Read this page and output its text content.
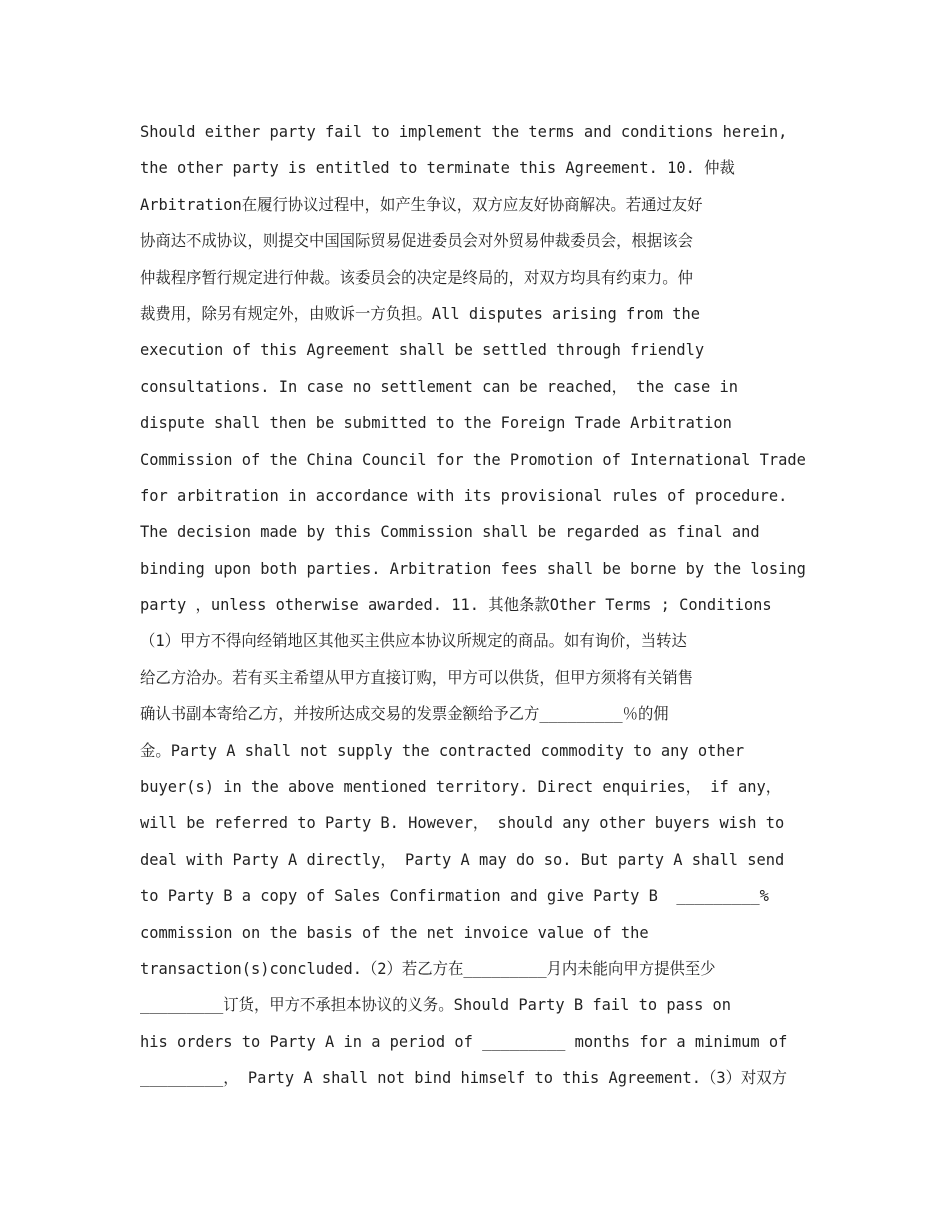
Should either party fail to implement the terms and conditions herein,
the other party is entitled to terminate this Agreement. 10. 仲裁
Arbitration在履行协议过程中，如产生争议，双方应友好协商解决。若通过友好
协商达不成协议，则提交中国国际贸易促进委员会对外贸易仲裁委员会，根据该会
仲裁程序暂行规定进行仲裁。该委员会的决定是终局的，对双方均具有约束力。仲
裁费用，除另有规定外，由败诉一方负担。All disputes arising from the
execution of this Agreement shall be settled through friendly
consultations. In case no settlement can be reached， the case in
dispute shall then be submitted to the Foreign Trade Arbitration
Commission of the China Council for the Promotion of International Trade
for arbitration in accordance with its provisional rules of procedure.
The decision made by this Commission shall be regarded as final and
binding upon both parties. Arbitration fees shall be borne by the losing
party ，unless otherwise awarded. 11. 其他条款Other Terms ; Conditions
（1）甲方不得向经销地区其他买主供应本协议所规定的商品。如有询价，当转达
给乙方洽办。若有买主希望从甲方直接订购，甲方可以供货，但甲方须将有关销售
确认书副本寄给乙方，并按所达成交易的发票金额给予乙方_________％的佣
金。Party A shall not supply the contracted commodity to any other
buyer(s) in the above mentioned territory. Direct enquiries， if any，
will be referred to Party B. However， should any other buyers wish to
deal with Party A directly， Party A may do so. But party A shall send
to Party B a copy of Sales Confirmation and give Party B  _________%
commission on the basis of the net invoice value of the
transaction(s)concluded.（2）若乙方在_________月内未能向甲方提供至少
_________订货，甲方不承担本协议的义务。Should Party B fail to pass on
his orders to Party A in a period of _________ months for a minimum of
_________， Party A shall not bind himself to this Agreement.（3）对双方
